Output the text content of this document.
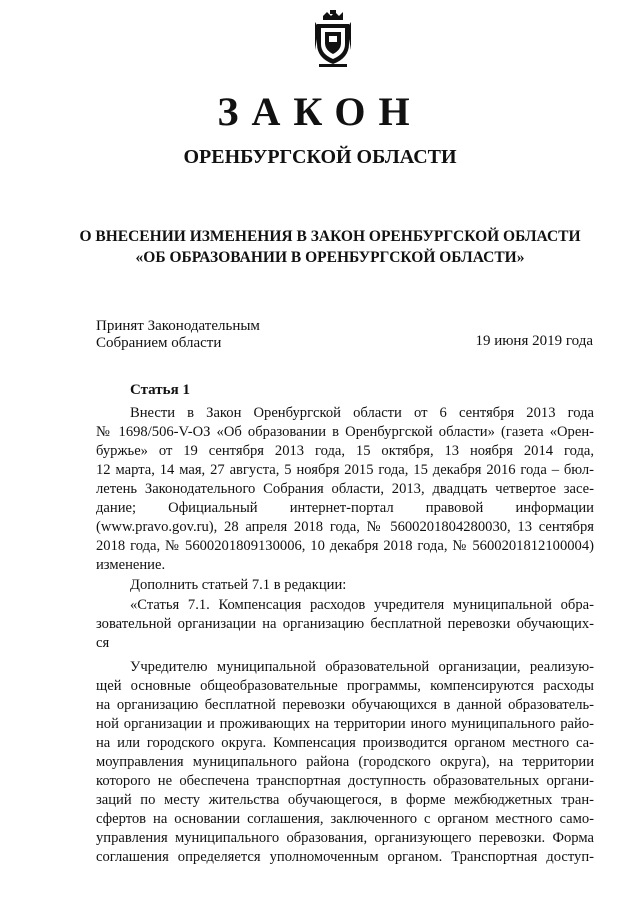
ЗАКОН
ОРЕНБУРГСКОЙ ОБЛАСТИ
О ВНЕСЕНИИ ИЗМЕНЕНИЯ В ЗАКОН ОРЕНБУРГСКОЙ ОБЛАСТИ
«ОБ ОБРАЗОВАНИИ В ОРЕНБУРГСКОЙ ОБЛАСТИ»
Принят Законодательным
Собранием области	19 июня 2019 года
Статья 1
Внести в Закон Оренбургской области от 6 сентября 2013 года
№ 1698/506-V-ОЗ «Об образовании в Оренбургской области» (газета «Орен-
буржье» от 19 сентября 2013 года, 15 октября, 13 ноября 2014 года,
12 марта, 14 мая, 27 августа, 5 ноября 2015 года, 15 декабря 2016 года – бюл-
летень Законодательного Собрания области, 2013, двадцать четвертое засе-
дание; Официальный интернет-портал правовой информации
(www.pravo.gov.ru), 28 апреля 2018 года, № 5600201804280030, 13 сентября
2018 года, № 5600201809130006, 10 декабря 2018 года, № 5600201812100004)
изменение.
Дополнить статьей 7.1 в редакции:
«Статья 7.1. Компенсация расходов учредителя муниципальной обра-
зовательной организации на организацию бесплатной перевозки обучающих-
ся
Учредителю муниципальной образовательной организации, реализую-
щей основные общеобразовательные программы, компенсируются расходы
на организацию бесплатной перевозки обучающихся в данной образователь-
ной организации и проживающих на территории иного муниципального райо-
на или городского округа. Компенсация производится органом местного са-
моуправления муниципального района (городского округа), на территории
которого не обеспечена транспортная доступность образовательных органи-
заций по месту жительства обучающегося, в форме межбюджетных тран-
сфертов на основании соглашения, заключенного с органом местного само-
управления муниципального образования, организующего перевозки. Форма
соглашения определяется уполномоченным органом. Транспортная доступ-
